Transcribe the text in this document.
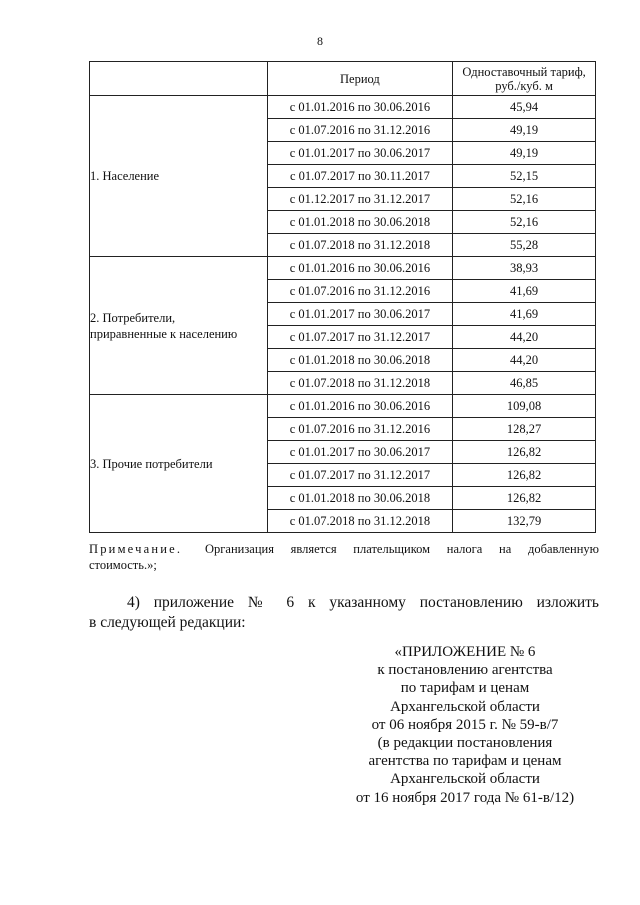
8
	Период	Одноставочный тариф,
руб./куб. м
1. Население	с 01.01.2016 по 30.06.2016	45,94
	с 01.07.2016 по 31.12.2016	49,19
	с 01.01.2017 по 30.06.2017	49,19
	с 01.07.2017 по 30.11.2017	52,15
	с 01.12.2017 по 31.12.2017	52,16
	с 01.01.2018 по 30.06.2018	52,16
	с 01.07.2018 по 31.12.2018	55,28
2. Потребители,
приравненные к населению	с 01.01.2016 по 30.06.2016	38,93
	с 01.07.2016 по 31.12.2016	41,69
	с 01.01.2017 по 30.06.2017	41,69
	с 01.07.2017 по 31.12.2017	44,20
	с 01.01.2018 по 30.06.2018	44,20
	с 01.07.2018 по 31.12.2018	46,85
3. Прочие потребители	с 01.01.2016 по 30.06.2016	109,08
	с 01.07.2016 по 31.12.2016	128,27
	с 01.01.2017 по 30.06.2017	126,82
	с 01.07.2017 по 31.12.2017	126,82
	с 01.01.2018 по 30.06.2018	126,82
	с 01.07.2018 по 31.12.2018	132,79
Примечание.	Организация является плательщиком налога на добавленную
стоимость.»;
4) приложение № 6 к указанному постановлению изложить
в следующей редакции:
«ПРИЛОЖЕНИЕ № 6
к постановлению агентства
по тарифам и ценам
Архангельской области
от 06 ноября 2015 г. № 59-в/7
(в редакции постановления
агентства по тарифам и ценам
Архангельской области
от 16 ноября 2017 года № 61-в/12)
